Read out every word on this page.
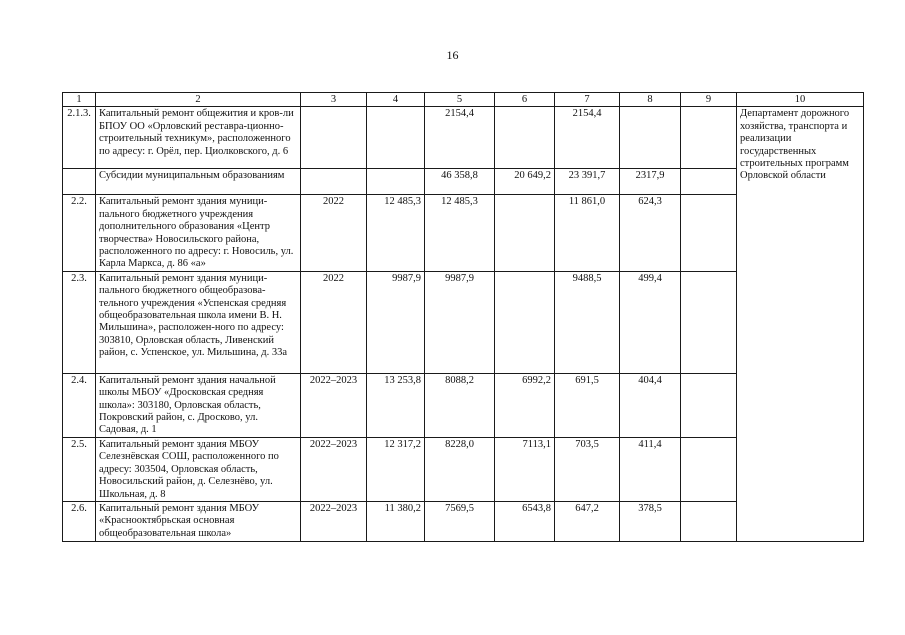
16
1	2	3	4	5	6	7	8	9	10
2.1.3.	Капитальный ремонт общежития и кров-ли БПОУ ОО «Орловский реставра-ционно-строительный техникум», расположенного по адресу: г. Орёл, пер. Циолковского, д. 6			2154,4		2154,4			Департамент дорожного хозяйства, транспорта и реализации государственных строительных программ Орловской области
	Субсидии муниципальным образованиям			46 358,8	20 649,2	23 391,7	2317,9		
2.2.	Капитальный ремонт здания муници-пального бюджетного учреждения дополнительного образования «Центр творчества» Новосильского района, расположенного по адресу: г. Новосиль, ул. Карла Маркса, д. 86 «а»	2022	12 485,3	12 485,3		11 861,0	624,3		
2.3.	Капитальный ремонт здания муници-пального бюджетного общеобразова-тельного учреждения «Успенская средняя общеобразовательная школа имени В. Н. Мильшина», расположен-ного по адресу: 303810, Орловская область, Ливенский район, с. Успенское, ул. Мильшина, д. 33а	2022	9987,9	9987,9		9488,5	499,4		
2.4.	Капитальный ремонт здания начальной школы МБОУ «Дросковская средняя школа»: 303180, Орловская область, Покровский район, с. Дросково, ул. Садовая, д. 1	2022–2023	13 253,8	8088,2	6992,2	691,5	404,4		
2.5.	Капитальный ремонт здания МБОУ Селезнёвская СОШ, расположенного по адресу: 303504, Орловская область, Новосильский район, д. Селезнёво, ул. Школьная, д. 8	2022–2023	12 317,2	8228,0	7113,1	703,5	411,4		
2.6.	Капитальный ремонт здания МБОУ «Краснооктябрьская основная общеобразовательная школа»	2022–2023	11 380,2	7569,5	6543,8	647,2	378,5		
